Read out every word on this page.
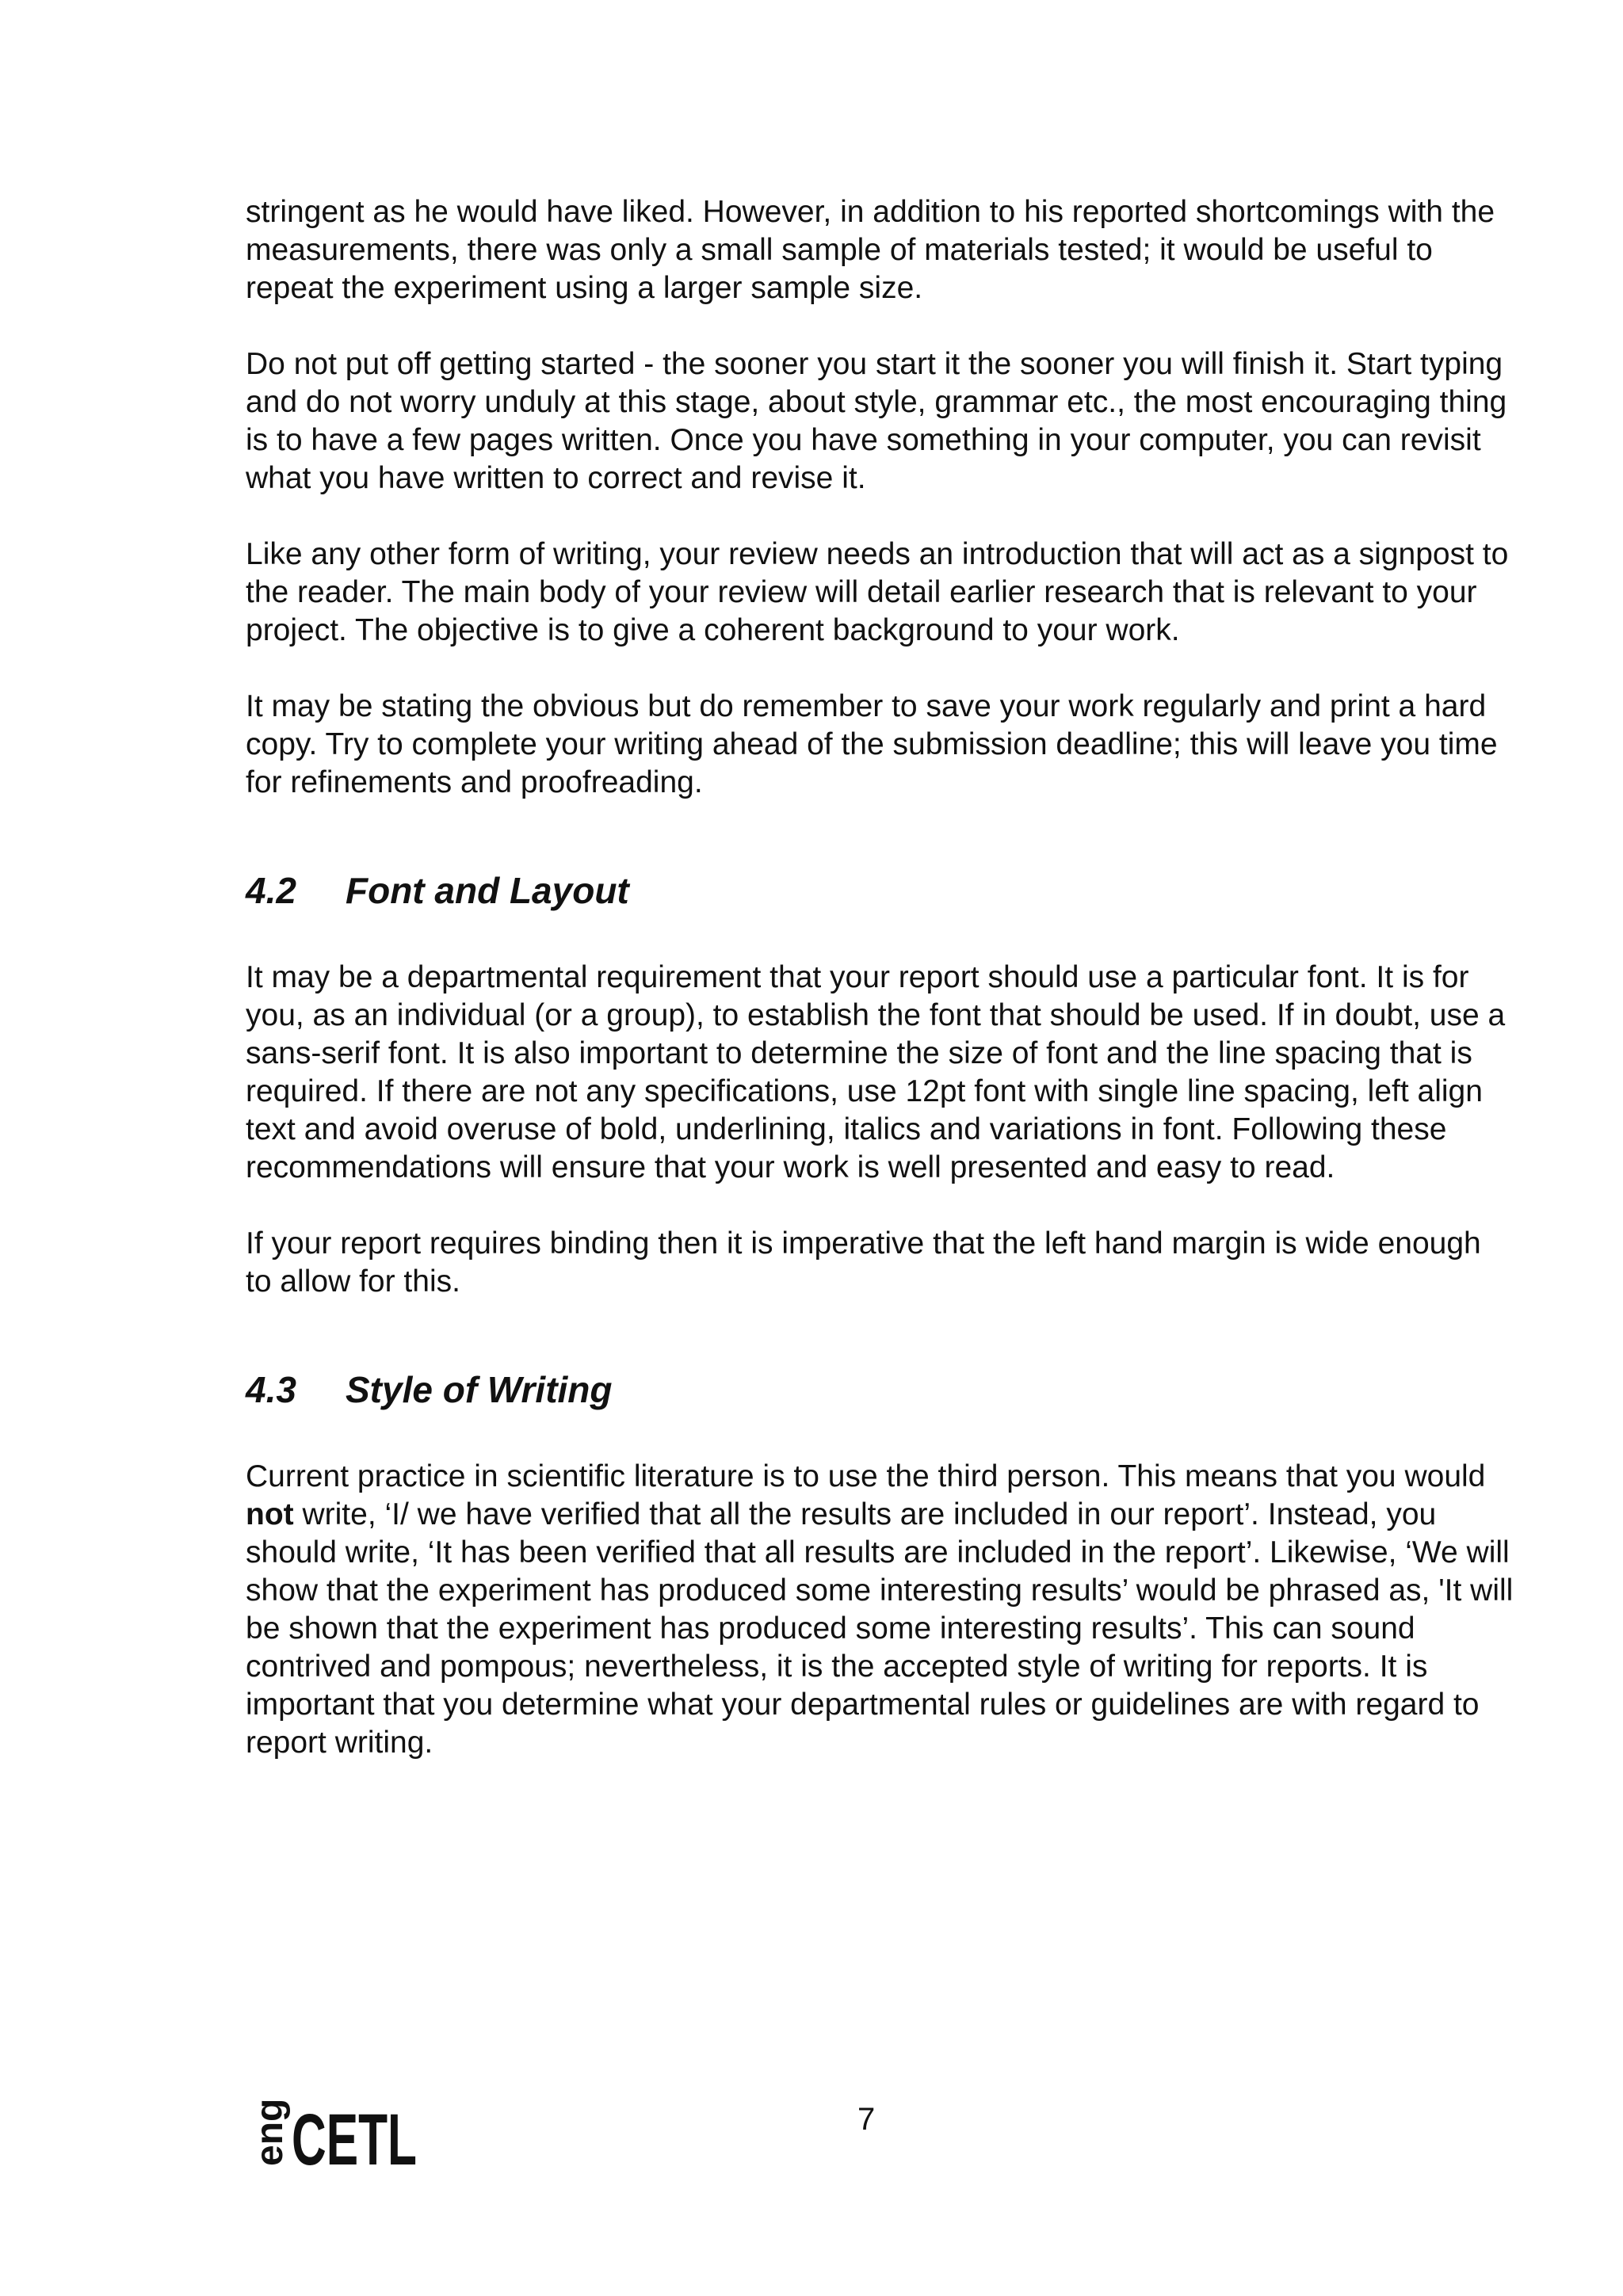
stringent as he would have liked. However, in addition to his reported shortcomings with the measurements, there was only a small sample of materials tested; it would be useful to repeat the experiment using a larger sample size.

Do not put off getting started - the sooner you start it the sooner you will finish it. Start typing and do not worry unduly at this stage, about style, grammar etc., the most encouraging thing is to have a few pages written. Once you have something in your computer, you can revisit what you have written to correct and revise it.

Like any other form of writing, your review needs an introduction that will act as a signpost to the reader. The main body of your review will detail earlier research that is relevant to your project. The objective is to give a coherent background to your work.

It may be stating the obvious but do remember to save your work regularly and print a hard copy. Try to complete your writing ahead of the submission deadline; this will leave you time for refinements and proofreading.

4.2	Font and Layout

It may be a departmental requirement that your report should use a particular font. It is for you, as an individual (or a group), to establish the font that should be used. If in doubt, use a sans-serif font. It is also important to determine the size of font and the line spacing that is required. If there are not any specifications, use 12pt font with single line spacing, left align text and avoid overuse of bold, underlining, italics and variations in font. Following these recommendations will ensure that your work is well presented and easy to read.

If your report requires binding then it is imperative that the left hand margin is wide enough to allow for this.

4.3	Style of Writing

Current practice in scientific literature is to use the third person. This means that you would not write, ‘I/ we have verified that all the results are included in our report’. Instead, you should write, ‘It has been verified that all results are included in the report’. Likewise, ‘We will show that the experiment has produced some interesting results’ would be phrased as, 'It will be shown that the experiment has produced some interesting results’. This can sound contrived and pompous; nevertheless, it is the accepted style of writing for reports. It is important that you determine what your departmental rules or guidelines are with regard to report writing.

eng CETL	7
